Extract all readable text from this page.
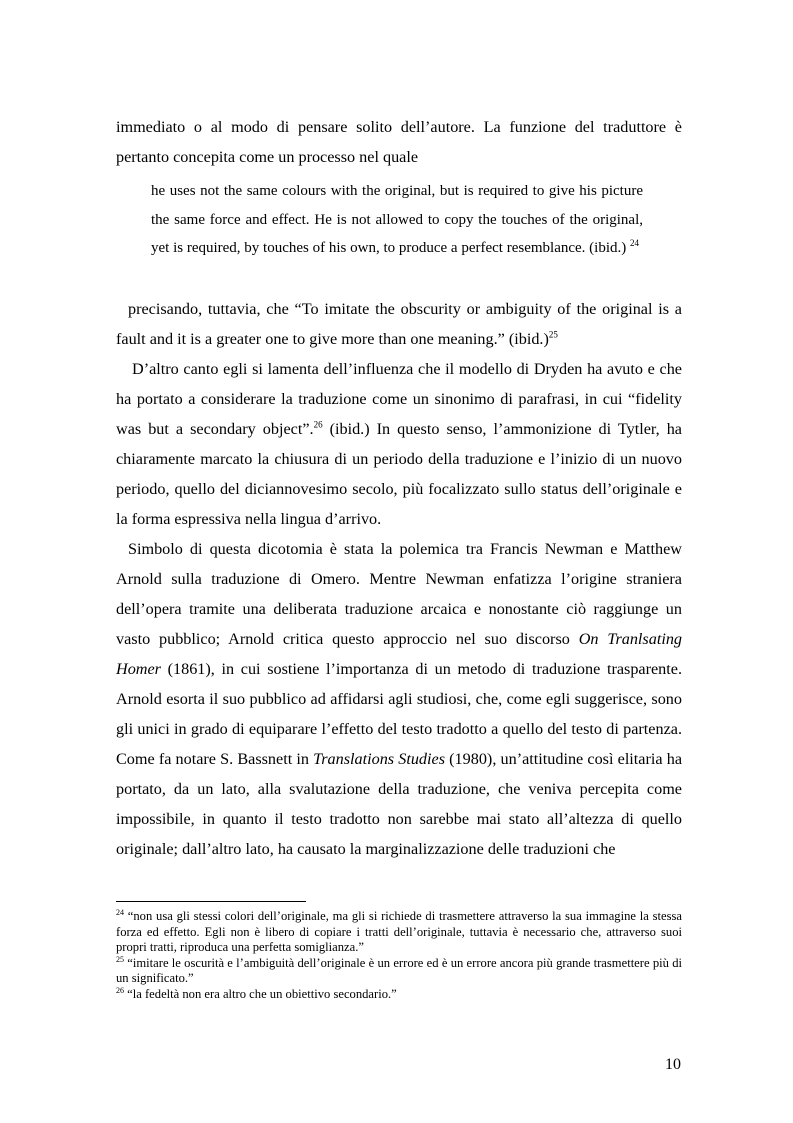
immediato o al modo di pensare solito dell’autore. La funzione del traduttore è pertanto concepita come un processo nel quale

he uses not the same colours with the original, but is required to give his picture the same force and effect. He is not allowed to copy the touches of the original, yet is required, by touches of his own, to produce a perfect resemblance. (ibid.) $^{24}$

precisando, tuttavia, che “To imitate the obscurity or ambiguity of the original is a fault and it is a greater one to give more than one meaning.” (ibid.)$^{25}$

D’altro canto egli si lamenta dell’influenza che il modello di Dryden ha avuto e che ha portato a considerare la traduzione come un sinonimo di parafrasi, in cui “fidelity was but a secondary object”.$^{26}$ (ibid.) In questo senso, l’ammonizione di Tytler, ha chiaramente marcato la chiusura di un periodo della traduzione e l’inizio di un nuovo periodo, quello del diciannovesimo secolo, più focalizzato sullo status dell’originale e la forma espressiva nella lingua d’arrivo.

Simbolo di questa dicotomia è stata la polemica tra Francis Newman e Matthew Arnold sulla traduzione di Omero. Mentre Newman enfatizza l’origine straniera dell’opera tramite una deliberata traduzione arcaica e nonostante ciò raggiunge un vasto pubblico; Arnold critica questo approccio nel suo discorso On Tranlsating Homer (1861), in cui sostiene l’importanza di un metodo di traduzione trasparente. Arnold esorta il suo pubblico ad affidarsi agli studiosi, che, come egli suggerisce, sono gli unici in grado di equiparare l’effetto del testo tradotto a quello del testo di partenza. Come fa notare S. Bassnett in Translations Studies (1980), un’attitudine così elitaria ha portato, da un lato, alla svalutazione della traduzione, che veniva percepita come impossibile, in quanto il testo tradotto non sarebbe mai stato all’altezza di quello originale; dall’altro lato, ha causato la marginalizzazione delle traduzioni che

$^{24}$ “non usa gli stessi colori dell’originale, ma gli si richiede di trasmettere attraverso la sua immagine la stessa forza ed effetto. Egli non è libero di copiare i tratti dell’originale, tuttavia è necessario che, attraverso suoi propri tratti, riproduca una perfetta somiglianza.”

$^{25}$ “imitare le oscurità e l’ambiguità dell’originale è un errore ed è un errore ancora più grande trasmettere più di un significato.”

$^{26}$ “la fedeltà non era altro che un obiettivo secondario.”

10
